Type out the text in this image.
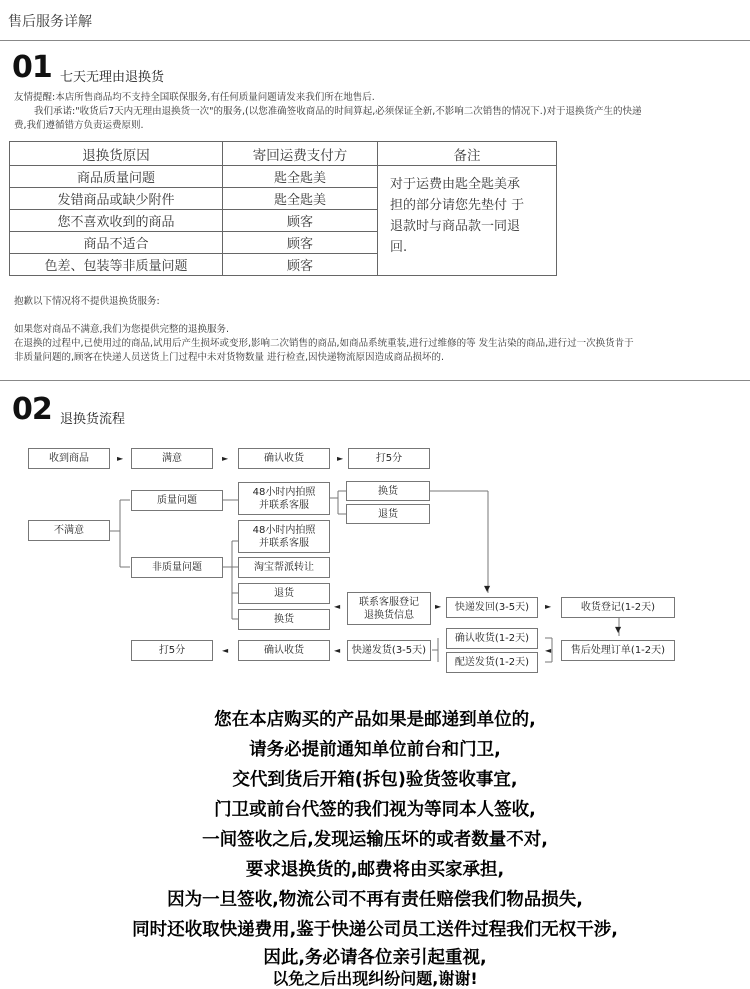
售后服务详解
01 七天无理由退换货
友情提醒:本店所售商品均不支持全国联保服务,有任何质量问题请发来我们所在地售后.
我们承诺:"收货后7天内无理由退换货一次"的服务,(以您准确签收商品的时间算起,必须保证全新,不影响二次销售的情况下.)对于退换货产生的快递
费,我们遵循错方负责运费原则.
退换货原因	寄回运费支付方	备注
商品质量问题	匙全匙美	对于运费由匙全匙美承
担的部分请您先垫付 于
退款时与商品款一同退
回.

发错商品或缺少附件	匙全匙美	
您不喜欢收到的商品	顾客	
商品不适合	顾客	
色差、包装等非质量问题	顾客	
抱歉以下情况将不提供退换货服务:
如果您对商品不满意,我们为您提供完整的退换服务.
在退换的过程中,已使用过的商品,试用后产生损坏或变形,影响二次销售的商品,如商品系统重装,进行过维修的等 发生沾染的商品,进行过一次换货肯于
非质量问题的,顾客在快递人员送货上门过程中未对货物数量 进行检查,因快递物流原因造成商品损坏的.
02 退换货流程
收到商品	►	满意	►	确认收货	►	打5分
不满意
质量问题
48小时内拍照
并联系客服
换货
退货
非质量问题
48小时内拍照
并联系客服
淘宝帮派转让
退货
换货
◄	联系客服登记
退换货信息
►	快递发回(3-5天)
▼
►	收货登记(1-2天)
▼
打5分	◄	确认收货	◄	快递发货(3-5天)
确认收货(1-2天)
配送发货(1-2天)
◄	售后处理订单(1-2天)
您在本店购买的产品如果是邮递到单位的,
请务必提前通知单位前台和门卫,
交代到货后开箱(拆包)验货签收事宜,
门卫或前台代签的我们视为等同本人签收,
一间签收之后,发现运输压坏的或者数量不对,
要求退换货的,邮费将由买家承担,
因为一旦签收,物流公司不再有责任赔偿我们物品损失,
同时还收取快递费用,鉴于快递公司员工送件过程我们无权干涉,
因此,务必请各位亲引起重视,
以免之后出现纠纷问题,谢谢!
